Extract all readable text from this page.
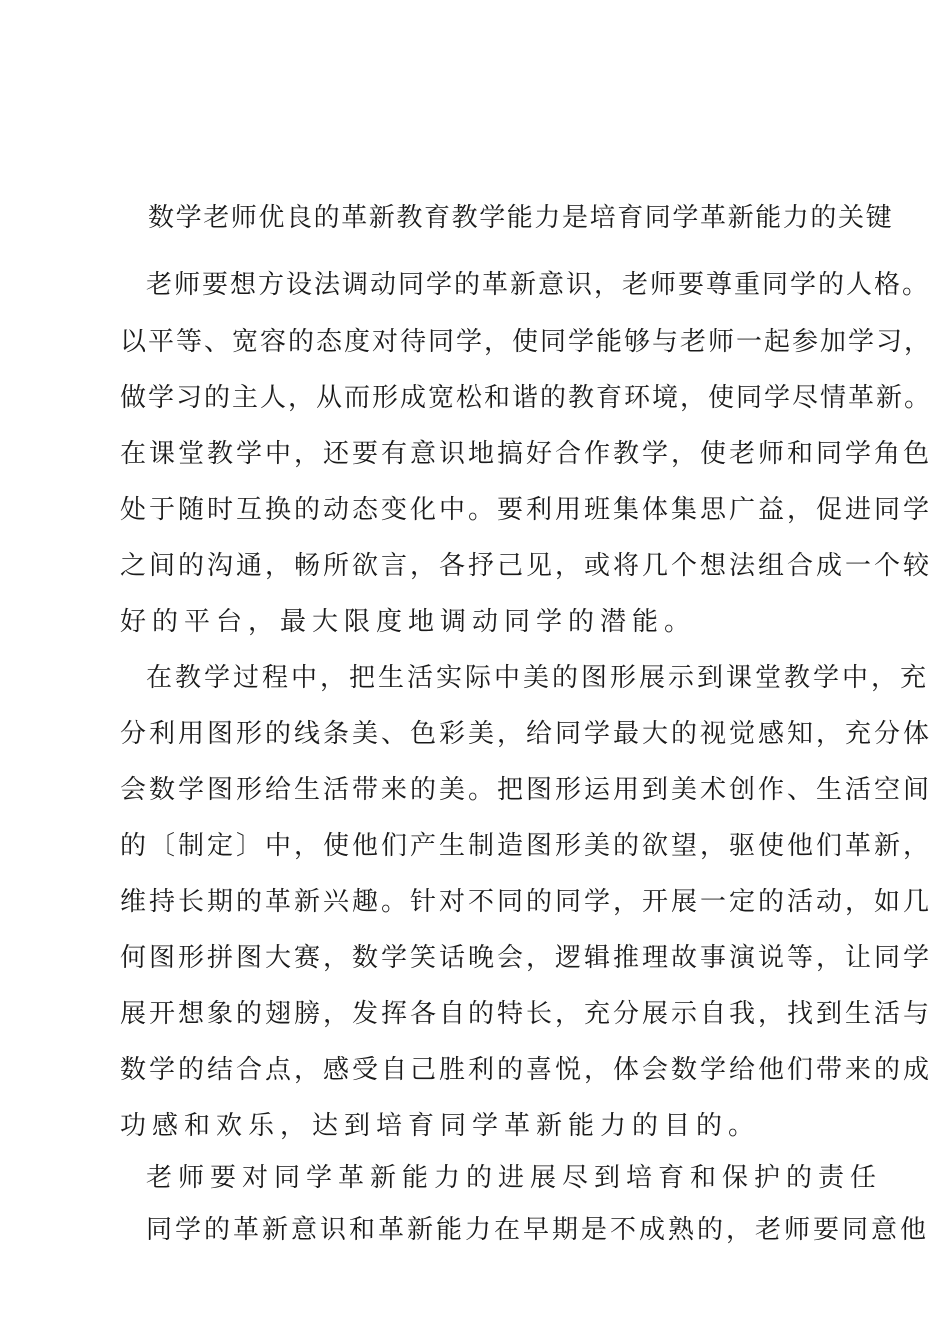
数学老师优良的革新教育教学能力是培育同学革新能力的关键
老师要想方设法调动同学的革新意识，老师要尊重同学的人格。
以平等、宽容的态度对待同学，使同学能够与老师一起参加学习，
做学习的主人，从而形成宽松和谐的教育环境，使同学尽情革新。
在课堂教学中，还要有意识地搞好合作教学，使老师和同学角色
处于随时互换的动态变化中。要利用班集体集思广益，促进同学
之间的沟通，畅所欲言，各抒己见，或将几个想法组合成一个较
好的平台，最大限度地调动同学的潜能。
在教学过程中，把生活实际中美的图形展示到课堂教学中，充
分利用图形的线条美、色彩美，给同学最大的视觉感知，充分体
会数学图形给生活带来的美。把图形运用到美术创作、生活空间
的〔制定〕中，使他们产生制造图形美的欲望，驱使他们革新，
维持长期的革新兴趣。针对不同的同学，开展一定的活动，如几
何图形拼图大赛，数学笑话晚会，逻辑推理故事演说等，让同学
展开想象的翅膀，发挥各自的特长，充分展示自我，找到生活与
数学的结合点，感受自己胜利的喜悦，体会数学给他们带来的成
功感和欢乐，达到培育同学革新能力的目的。
老师要对同学革新能力的进展尽到培育和保护的责任
同学的革新意识和革新能力在早期是不成熟的，老师要同意他
